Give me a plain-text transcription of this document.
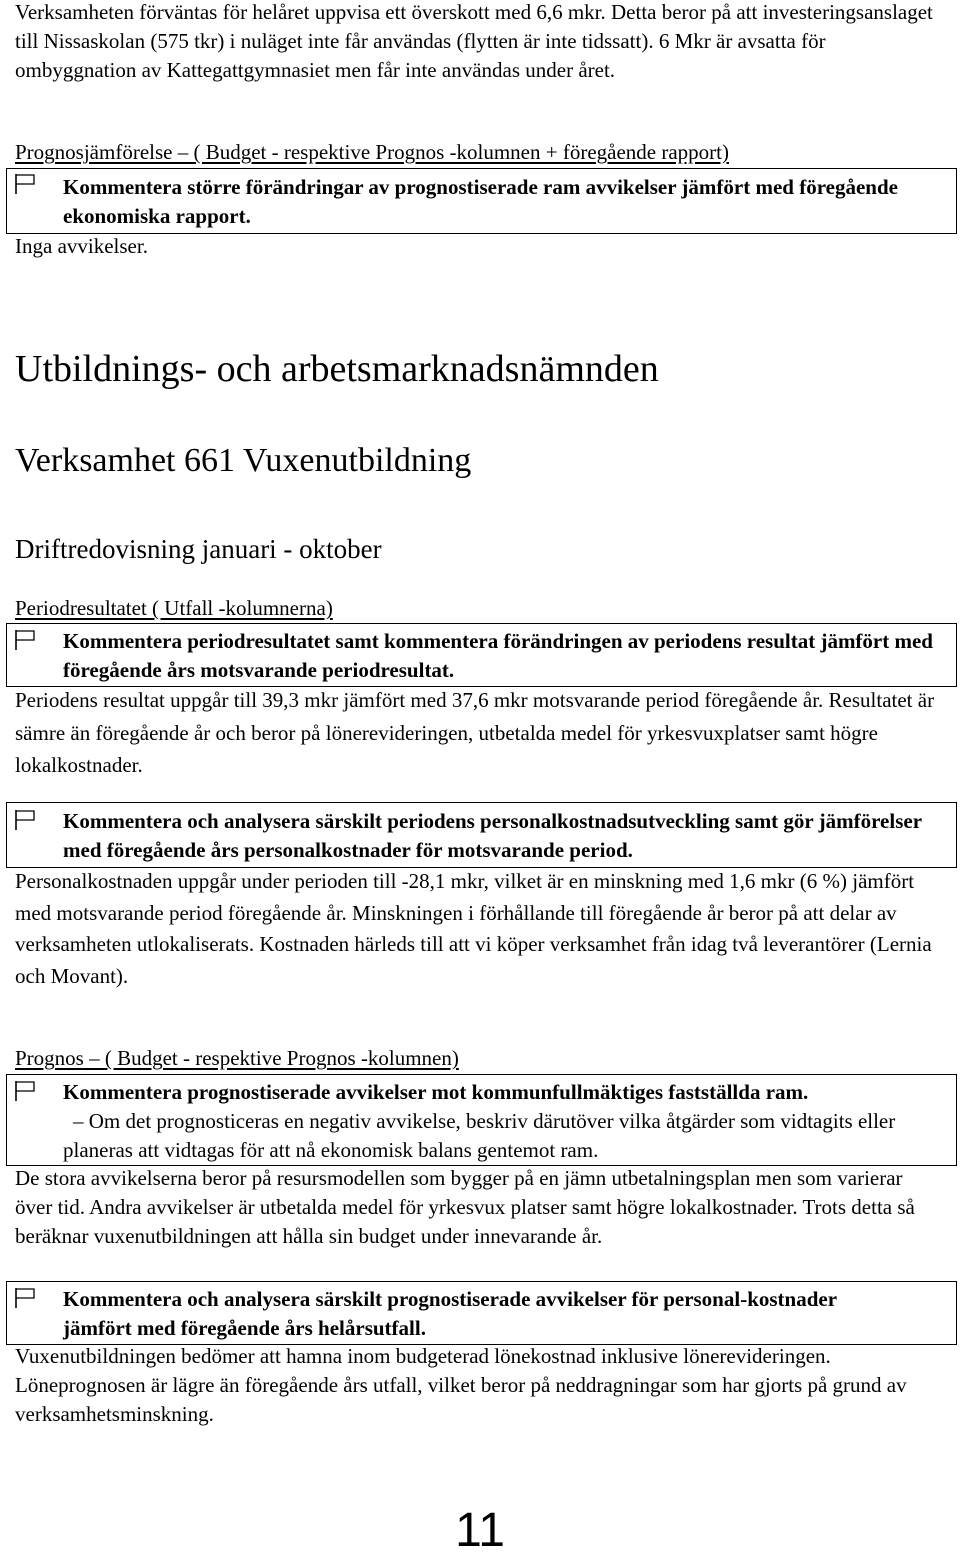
Verksamheten förväntas för helåret uppvisa ett överskott med 6,6 mkr. Detta beror på att investeringsanslaget till Nissaskolan (575 tkr) i nuläget inte får användas (flytten är inte tidssatt). 6 Mkr är avsatta för ombyggnation av Kattegattgymnasiet men får inte användas under året.

Prognosjämförelse – ( Budget - respektive Prognos -kolumnen + föregående rapport)

Kommentera större förändringar av prognostiserade ram avvikelser jämfört med föregående ekonomiska rapport.

Inga avvikelser.

Utbildnings- och arbetsmarknadsnämnden
Verksamhet 661 Vuxenutbildning
Driftredovisning januari - oktober

Periodresultatet ( Utfall -kolumnerna)

Kommentera periodresultatet samt kommentera förändringen av periodens resultat jämfört med föregående års motsvarande periodresultat.

Periodens resultat uppgår till 39,3 mkr jämfört med 37,6 mkr motsvarande period föregående år. Resultatet är sämre än föregående år och beror på lönerevideringen, utbetalda medel för yrkesvuxplatser samt högre lokalkostnader.

Kommentera och analysera särskilt periodens personalkostnadsutveckling samt gör jämförelser med föregående års personalkostnader för motsvarande period.

Personalkostnaden uppgår under perioden till -28,1 mkr, vilket är en minskning med 1,6 mkr (6 %) jämfört med motsvarande period föregående år. Minskningen i förhållande till föregående år beror på att delar av verksamheten utlokaliserats. Kostnaden härleds till att vi köper verksamhet från idag två leverantörer (Lernia och Movant).

Prognos – ( Budget - respektive Prognos -kolumnen)

Kommentera prognostiserade avvikelser mot kommunfullmäktiges fastställda ram.

– Om det prognosticeras en negativ avvikelse, beskriv därutöver vilka åtgärder som vidtagits eller planeras att vidtagas för att nå ekonomisk balans gentemot ram.

De stora avvikelserna beror på resursmodellen som bygger på en jämn utbetalningsplan men som varierar över tid. Andra avvikelser är utbetalda medel för yrkesvux platser samt högre lokalkostnader. Trots detta så beräknar vuxenutbildningen att hålla sin budget under innevarande år.

Kommentera och analysera särskilt prognostiserade avvikelser för personal-kostnader jämfört med föregående års helårsutfall.

Vuxenutbildningen bedömer att hamna inom budgeterad lönekostnad inklusive lönerevideringen. Löneprognosen är lägre än föregående års utfall, vilket beror på neddragningar som har gjorts på grund av verksamhetsminskning.

11
